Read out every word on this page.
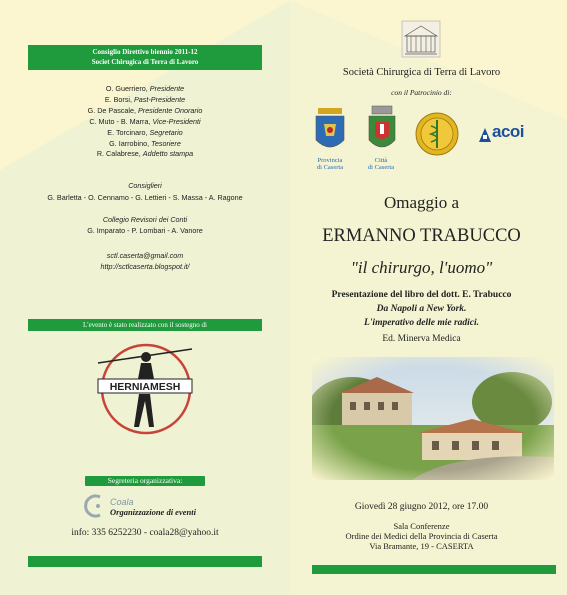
Consiglio Direttivo biennio 2011-12
Societ Chirugica di Terra di Lavoro
O. Guerriero, Presidente
E. Borsi, Past-Presidente
G. De Pascale, Presidente Onorario
C. Muto - B. Marra, Vice-Presidenti
E. Torcinaro, Segretario
G. Iarrobino, Tesoriere
R. Calabrese, Addetto stampa
Consiglieri
G. Barletta - O. Cennamo - G. Lettieri - S. Massa - A. Ragone
Collegio Revisori dei Conti
G. Imparato - P. Lombari - A. Vanore
sctl.caserta@gmail.com
http://sctlcaserta.blogspot.it/
L'evento è stato realizzato con il sostegno di
HERNIAMESH
Segreteria organizzativa:
Coala
Organizzazione di eventi
info: 335 6252230 - coala28@yahoo.it
Società Chirurgica di Terra di Lavoro
con il Patrocinio di:
Provincia
di Caserta
Città
di Caserta
acoi
Associazione Chirurghi Ospedalieri Italiani
Omaggio a
ERMANNO TRABUCCO
"il chirurgo, l'uomo"
Presentazione del libro del dott. E. Trabucco
Da Napoli a New York.
L'imperativo delle mie radici.
Ed. Minerva Medica
Giovedì 28 giugno 2012, ore 17.00
Sala Conferenze
Ordine dei Medici della Provincia di Caserta
Via Bramante, 19 - CASERTA
